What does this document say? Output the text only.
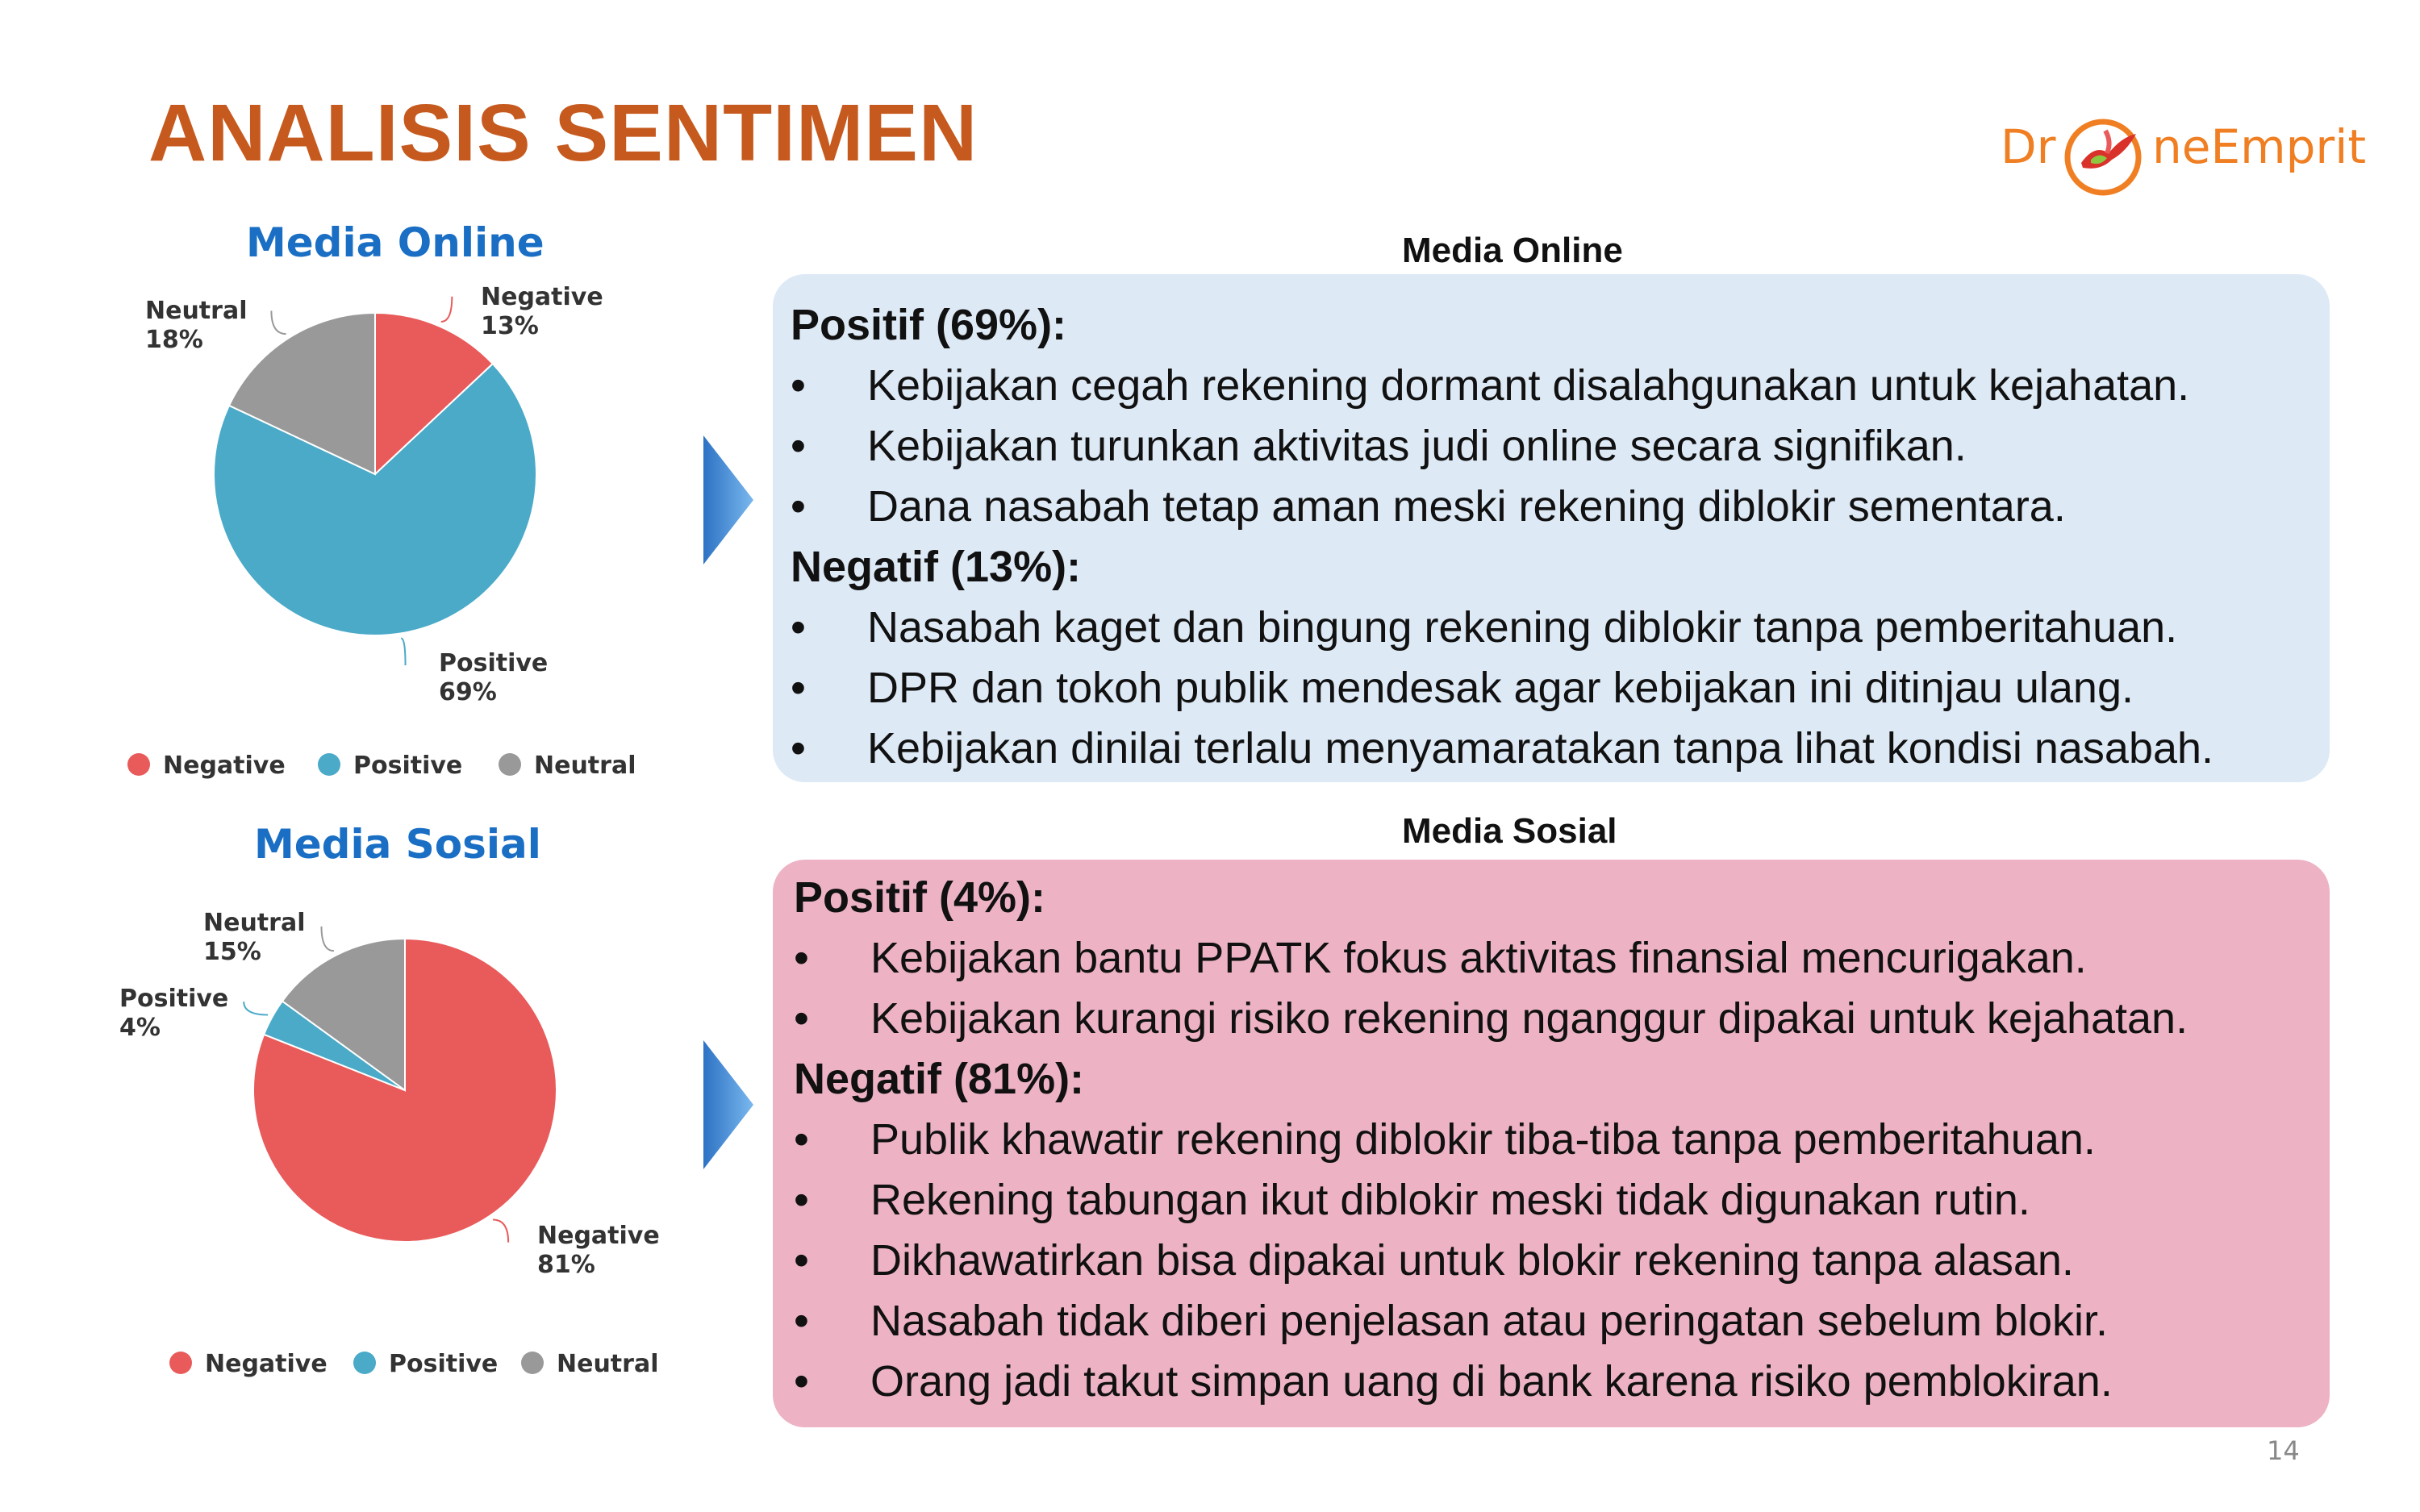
ANALISIS SENTIMEN	Dr neEmprit
Media Online
Media Sosial
Negative
13%
Positive
69%
Neutral
18%
Negative	Positive	Neutral
Negative
81%
Positive
4%
Neutral
15%
Negative	Positive Neutral
Media Online
Media Sosial
Positif (69%):
• Kebijakan cegah rekening dormant disalahgunakan untuk kejahatan.
• Kebijakan turunkan aktivitas judi online secara signifikan.
• Dana nasabah tetap aman meski rekening diblokir sementara.
Negatif (13%):
• Nasabah kaget dan bingung rekening diblokir tanpa pemberitahuan.
• DPR dan tokoh publik mendesak agar kebijakan ini ditinjau ulang.
• Kebijakan dinilai terlalu menyamaratakan tanpa lihat kondisi nasabah.
Positif (4%):
• Kebijakan bantu PPATK fokus aktivitas finansial mencurigakan.
• Kebijakan kurangi risiko rekening nganggur dipakai untuk kejahatan.
Negatif (81%):
• Publik khawatir rekening diblokir tiba-tiba tanpa pemberitahuan.
• Rekening tabungan ikut diblokir meski tidak digunakan rutin.
• Dikhawatirkan bisa dipakai untuk blokir rekening tanpa alasan.
• Nasabah tidak diberi penjelasan atau peringatan sebelum blokir.
• Orang jadi takut simpan uang di bank karena risiko pemblokiran.
14
